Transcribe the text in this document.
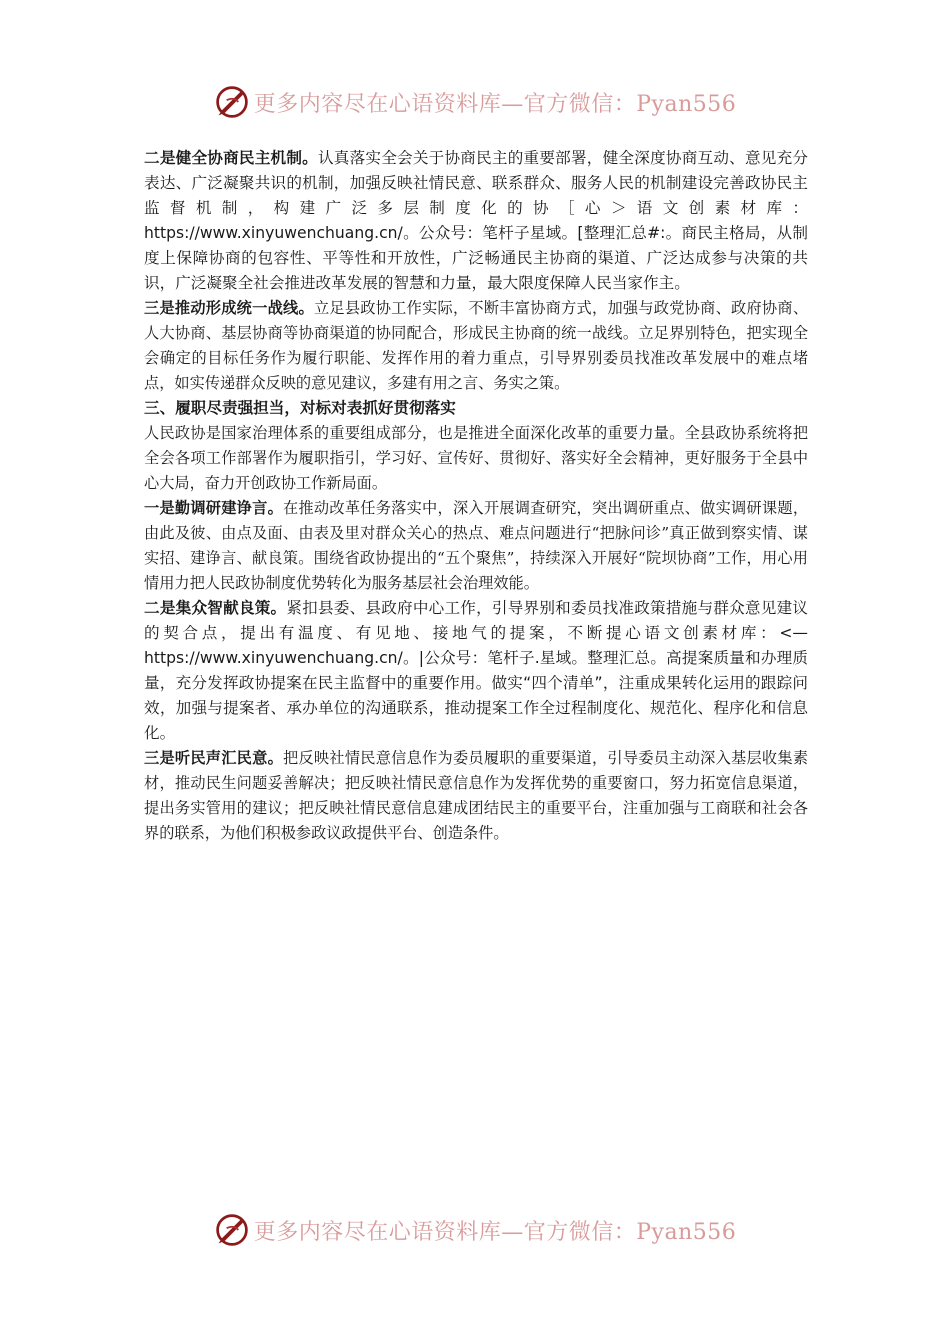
更多内容尽在心语资料库—官方微信：Pyan556

二是健全协商民主机制。认真落实全会关于协商民主的重要部署，健全深度协商互动、意见充分表达、广泛凝聚共识的机制，加强反映社情民意、联系群众、服务人民的机制建设完善政协民主监督机制，构建广泛多层制度化的协［心＞语文创素材库：https://www.xinyuwenchuang.cn/。公众号：笔杆子星域。[整理汇总#:。商民主格局，从制度上保障协商的包容性、平等性和开放性，广泛畅通民主协商的渠道、广泛达成参与决策的共识，广泛凝聚全社会推进改革发展的智慧和力量，最大限度保障人民当家作主。

三是推动形成统一战线。立足县政协工作实际，不断丰富协商方式，加强与政党协商、政府协商、人大协商、基层协商等协商渠道的协同配合，形成民主协商的统一战线。立足界别特色，把实现全会确定的目标任务作为履行职能、发挥作用的着力重点，引导界别委员找准改革发展中的难点堵点，如实传递群众反映的意见建议，多建有用之言、务实之策。

三、履职尽责强担当，对标对表抓好贯彻落实

人民政协是国家治理体系的重要组成部分，也是推进全面深化改革的重要力量。全县政协系统将把全会各项工作部署作为履职指引，学习好、宣传好、贯彻好、落实好全会精神，更好服务于全县中心大局，奋力开创政协工作新局面。

一是勤调研建诤言。在推动改革任务落实中，深入开展调查研究，突出调研重点、做实调研课题，由此及彼、由点及面、由表及里对群众关心的热点、难点问题进行“把脉问诊”真正做到察实情、谋实招、建诤言、献良策。围绕省政协提出的“五个聚焦”，持续深入开展好“院坝协商”工作，用心用情用力把人民政协制度优势转化为服务基层社会治理效能。

二是集众智献良策。紧扣县委、县政府中心工作，引导界别和委员找准政策措施与群众意见建议的契合点，提出有温度、有见地、接地气的提案，不断提心语文创素材库：<—https://www.xinyuwenchuang.cn/。|公众号：笔杆子.星域。整理汇总。高提案质量和办理质量，充分发挥政协提案在民主监督中的重要作用。做实“四个清单”，注重成果转化运用的跟踪问效，加强与提案者、承办单位的沟通联系，推动提案工作全过程制度化、规范化、程序化和信息化。

三是听民声汇民意。把反映社情民意信息作为委员履职的重要渠道，引导委员主动深入基层收集素材，推动民生问题妥善解决；把反映社情民意信息作为发挥优势的重要窗口，努力拓宽信息渠道，提出务实管用的建议；把反映社情民意信息建成团结民主的重要平台，注重加强与工商联和社会各界的联系，为他们积极参政议政提供平台、创造条件。

更多内容尽在心语资料库—官方微信：Pyan556
